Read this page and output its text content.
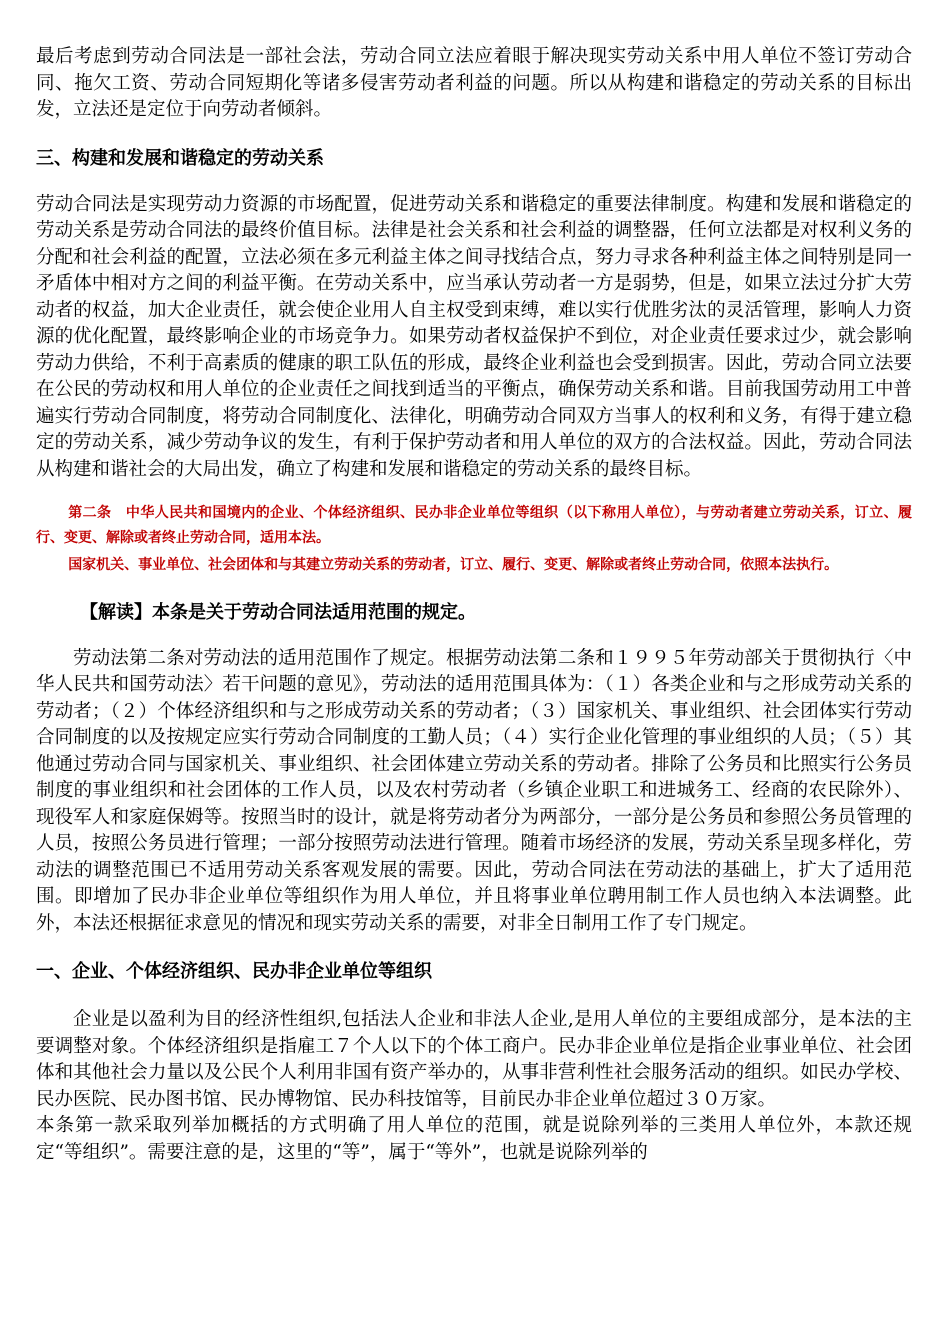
最后考虑到劳动合同法是一部社会法，劳动合同立法应着眼于解决现实劳动关系中用人单位不签订劳动合同、拖欠工资、劳动合同短期化等诸多侵害劳动者利益的问题。所以从构建和谐稳定的劳动关系的目标出发，立法还是定位于向劳动者倾斜。

三、构建和发展和谐稳定的劳动关系

劳动合同法是实现劳动力资源的市场配置，促进劳动关系和谐稳定的重要法律制度。构建和发展和谐稳定的劳动关系是劳动合同法的最终价值目标。法律是社会关系和社会利益的调整器，任何立法都是对权利义务的分配和社会利益的配置，立法必须在多元利益主体之间寻找结合点，努力寻求各种利益主体之间特别是同一矛盾体中相对方之间的利益平衡。在劳动关系中，应当承认劳动者一方是弱势，但是，如果立法过分扩大劳动者的权益，加大企业责任，就会使企业用人自主权受到束缚，难以实行优胜劣汰的灵活管理，影响人力资源的优化配置，最终影响企业的市场竞争力。如果劳动者权益保护不到位，对企业责任要求过少，就会影响劳动力供给，不利于高素质的健康的职工队伍的形成，最终企业利益也会受到损害。因此，劳动合同立法要在公民的劳动权和用人单位的企业责任之间找到适当的平衡点，确保劳动关系和谐。目前我国劳动用工中普遍实行劳动合同制度，将劳动合同制度化、法律化，明确劳动合同双方当事人的权利和义务，有得于建立稳定的劳动关系，减少劳动争议的发生，有利于保护劳动者和用人单位的双方的合法权益。因此，劳动合同法从构建和谐社会的大局出发，确立了构建和发展和谐稳定的劳动关系的最终目标。

第二条　中华人民共和国境内的企业、个体经济组织、民办非企业单位等组织（以下称用人单位），与劳动者建立劳动关系，订立、履行、变更、解除或者终止劳动合同，适用本法。

国家机关、事业单位、社会团体和与其建立劳动关系的劳动者，订立、履行、变更、解除或者终止劳动合同，依照本法执行。

【解读】本条是关于劳动合同法适用范围的规定。

劳动法第二条对劳动法的适用范围作了规定。根据劳动法第二条和１９９５年劳动部关于贯彻执行〈中华人民共和国劳动法〉若干问题的意见》，劳动法的适用范围具体为：（１）各类企业和与之形成劳动关系的劳动者；（２）个体经济组织和与之形成劳动关系的劳动者；（３）国家机关、事业组织、社会团体实行劳动合同制度的以及按规定应实行劳动合同制度的工勤人员；（４）实行企业化管理的事业组织的人员；（５）其他通过劳动合同与国家机关、事业组织、社会团体建立劳动关系的劳动者。排除了公务员和比照实行公务员制度的事业组织和社会团体的工作人员，以及农村劳动者（乡镇企业职工和进城务工、经商的农民除外）、现役军人和家庭保姆等。按照当时的设计，就是将劳动者分为两部分，一部分是公务员和参照公务员管理的人员，按照公务员进行管理；一部分按照劳动法进行管理。随着市场经济的发展，劳动关系呈现多样化，劳动法的调整范围已不适用劳动关系客观发展的需要。因此，劳动合同法在劳动法的基础上，扩大了适用范围。即增加了民办非企业单位等组织作为用人单位，并且将事业单位聘用制工作人员也纳入本法调整。此外，本法还根据征求意见的情况和现实劳动关系的需要，对非全日制用工作了专门规定。

一、企业、个体经济组织、民办非企业单位等组织

企业是以盈利为目的经济性组织,包括法人企业和非法人企业,是用人单位的主要组成部分，是本法的主要调整对象。个体经济组织是指雇工７个人以下的个体工商户。民办非企业单位是指企业事业单位、社会团体和其他社会力量以及公民个人利用非国有资产举办的，从事非营利性社会服务活动的组织。如民办学校、民办医院、民办图书馆、民办博物馆、民办科技馆等，目前民办非企业单位超过３０万家。

本条第一款采取列举加概括的方式明确了用人单位的范围，就是说除列举的三类用人单位外，本款还规定“等组织”。需要注意的是，这里的“等”，属于“等外”，也就是说除列举的
